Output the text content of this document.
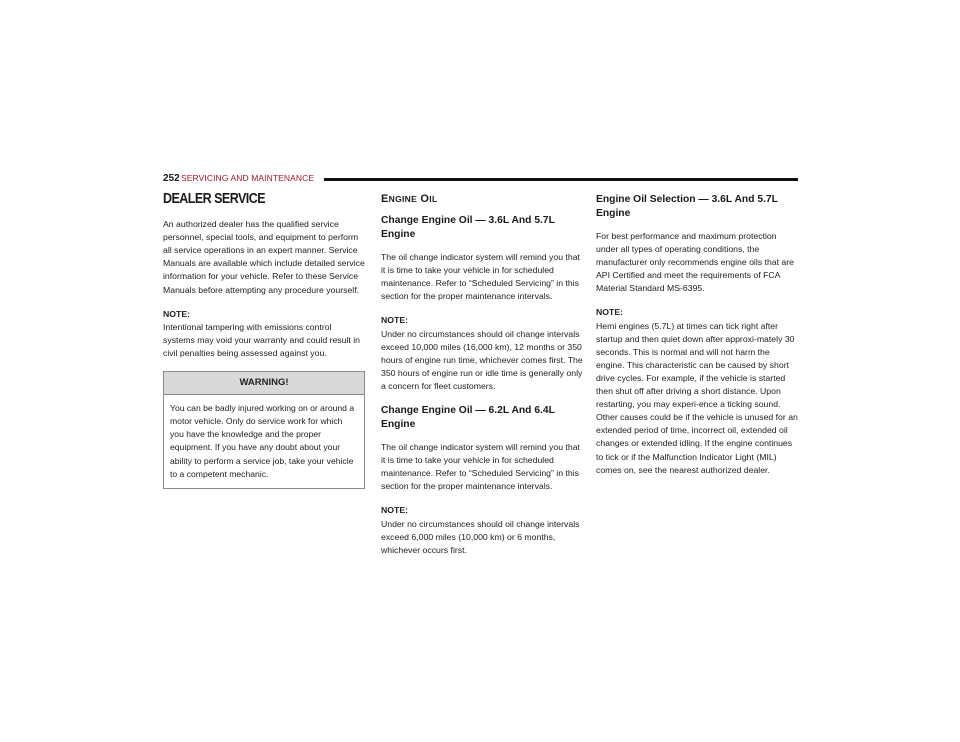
252 SERVICING AND MAINTENANCE
DEALER SERVICE

An authorized dealer has the qualified service personnel, special tools, and equipment to perform all service operations in an expert manner. Service Manuals are available which include detailed service information for your vehicle. Refer to these Service Manuals before attempting any procedure yourself.

NOTE:
Intentional tampering with emissions control systems may void your warranty and could result in civil penalties being assessed against you.

WARNING!
You can be badly injured working on or around a motor vehicle. Only do service work for which you have the knowledge and the proper equipment. If you have any doubt about your ability to perform a service job, take your vehicle to a competent mechanic.
ENGINE OIL
Change Engine Oil — 3.6L And 5.7L Engine

The oil change indicator system will remind you that it is time to take your vehicle in for scheduled maintenance. Refer to “Scheduled Servicing” in this section for the proper maintenance intervals.

NOTE:
Under no circumstances should oil change intervals exceed 10,000 miles (16,000 km), 12 months or 350 hours of engine run time, whichever comes first. The 350 hours of engine run or idle time is generally only a concern for fleet customers.

Change Engine Oil — 6.2L And 6.4L Engine

The oil change indicator system will remind you that it is time to take your vehicle in for scheduled maintenance. Refer to “Scheduled Servicing” in this section for the proper maintenance intervals.

NOTE:
Under no circumstances should oil change intervals exceed 6,000 miles (10,000 km) or 6 months, whichever occurs first.

Engine Oil Selection — 3.6L And 5.7L Engine

For best performance and maximum protection under all types of operating conditions, the manufacturer only recommends engine oils that are API Certified and meet the requirements of FCA Material Standard MS-6395.

NOTE:
Hemi engines (5.7L) at times can tick right after startup and then quiet down after approxi-mately 30 seconds. This is normal and will not harm the engine. This characteristic can be caused by short drive cycles. For example, if the vehicle is started then shut off after driving a short distance. Upon restarting, you may experi-ence a ticking sound. Other causes could be if the vehicle is unused for an extended period of time, incorrect oil, extended oil changes or extended idling. If the engine continues to tick or if the Malfunction Indicator Light (MIL) comes on, see the nearest authorized dealer.
